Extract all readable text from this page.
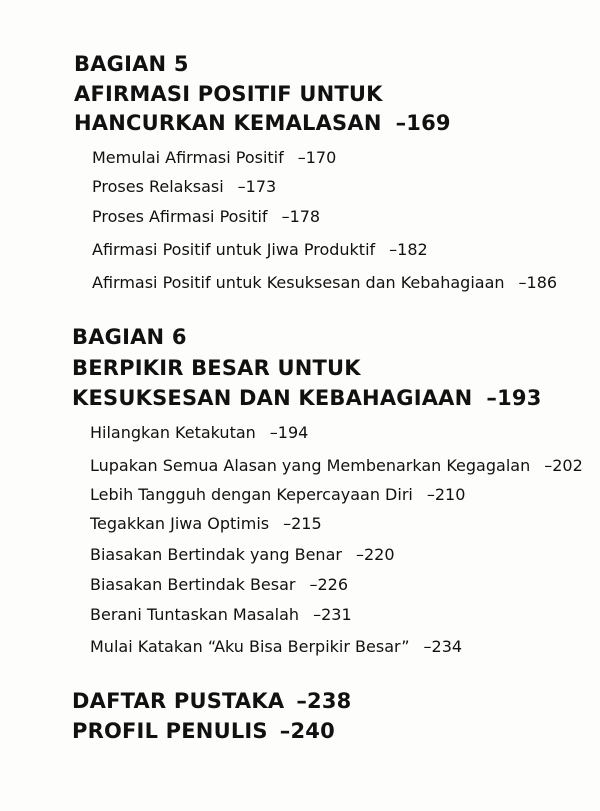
BAGIAN 5
AFIRMASI POSITIF UNTUK
HANCURKAN KEMALASAN –169
Memulai Afirmasi Positif –170
Proses Relaksasi –173
Proses Afirmasi Positif –178
Afirmasi Positif untuk Jiwa Produktif –182
Afirmasi Positif untuk Kesuksesan dan Kebahagiaan –186
BAGIAN 6
BERPIKIR BESAR UNTUK
KESUKSESAN DAN KEBAHAGIAAN –193
Hilangkan Ketakutan –194
Lupakan Semua Alasan yang Membenarkan Kegagalan –202
Lebih Tangguh dengan Kepercayaan Diri –210
Tegakkan Jiwa Optimis –215
Biasakan Bertindak yang Benar –220
Biasakan Bertindak Besar –226
Berani Tuntaskan Masalah –231
Mulai Katakan “Aku Bisa Berpikir Besar” –234
DAFTAR PUSTAKA –238
PROFIL PENULIS –240
